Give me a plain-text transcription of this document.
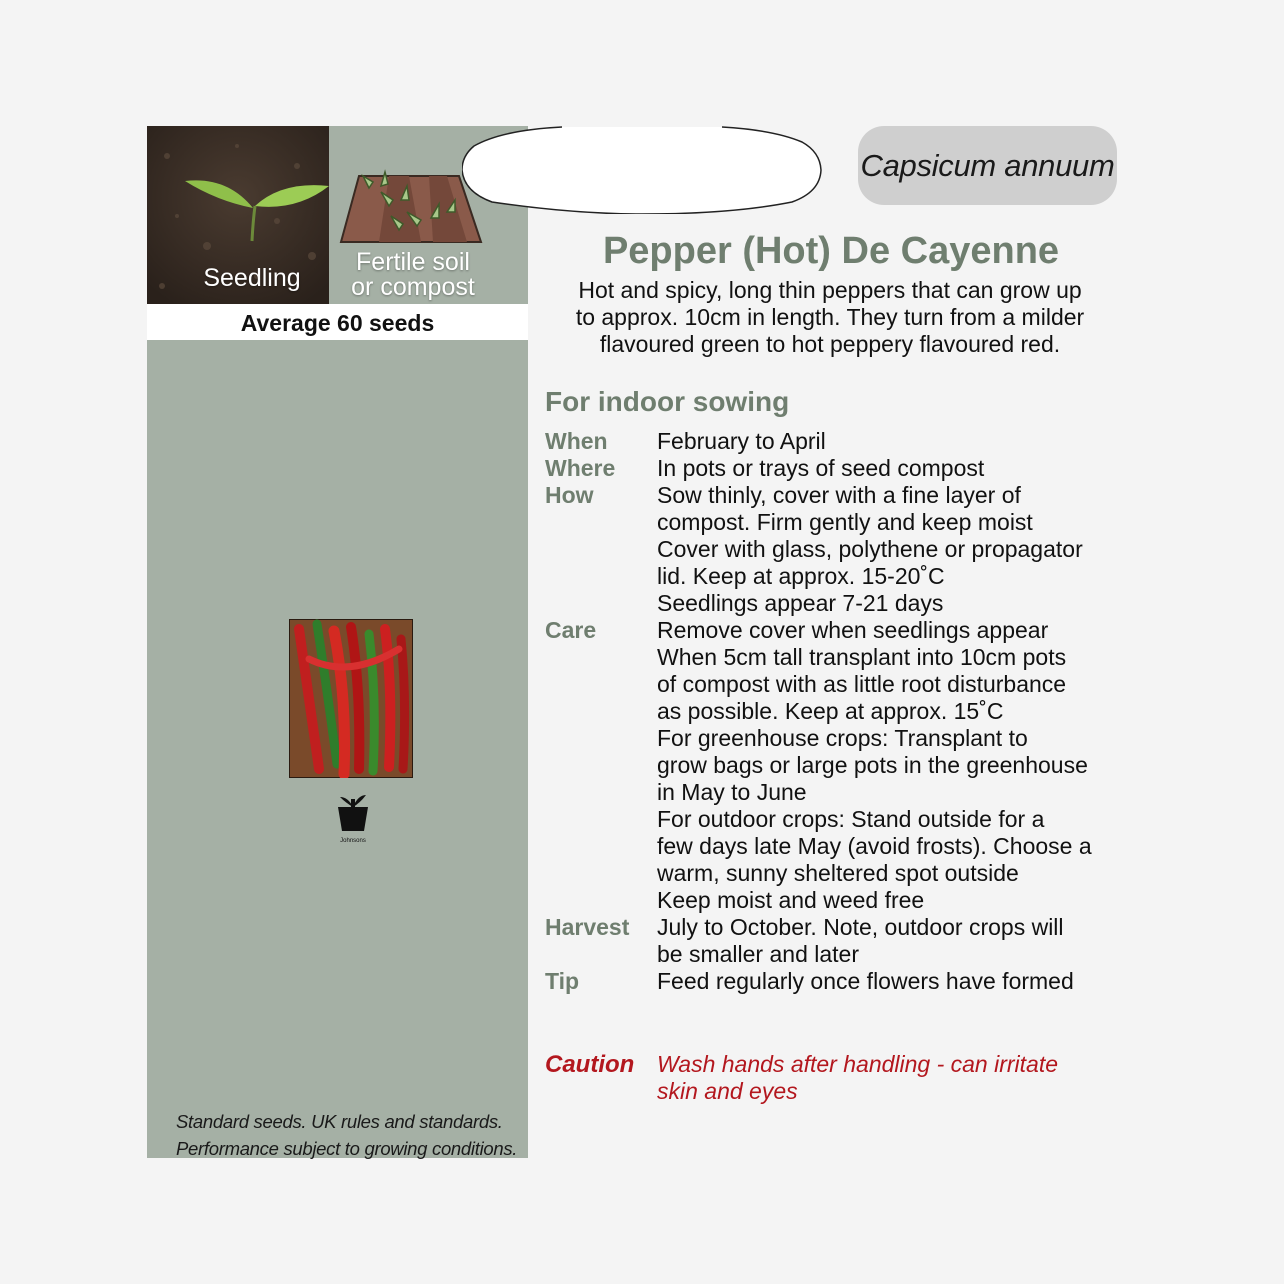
Seedling
Fertile soil
or compost
Average 60 seeds
Johnsons
Standard seeds. UK rules and standards.
Performance subject to growing conditions.
Capsicum annuum
Pepper (Hot) De Cayenne
Hot and spicy, long thin peppers that can grow up
to approx. 10cm in length. They turn from a milder
flavoured green to hot peppery flavoured red.
For indoor sowing
When	February to April
Where	In pots or trays of seed compost
How	Sow thinly, cover with a fine layer of
compost. Firm gently and keep moist
Cover with glass, polythene or propagator
lid. Keep at approx. 15-20˚C
Seedlings appear 7-21 days
Care	Remove cover when seedlings appear
When 5cm tall transplant into 10cm pots
of compost with as little root disturbance
as possible. Keep at approx. 15˚C
For greenhouse crops: Transplant to
grow bags or large pots in the greenhouse
in May to June
For outdoor crops: Stand outside for a
few days late May (avoid frosts). Choose a
warm, sunny sheltered spot outside
Keep moist and weed free
Harvest	July to October. Note, outdoor crops will
be smaller and later
Tip	Feed regularly once flowers have formed
Caution Wash hands after handling - can irritate
skin and eyes
